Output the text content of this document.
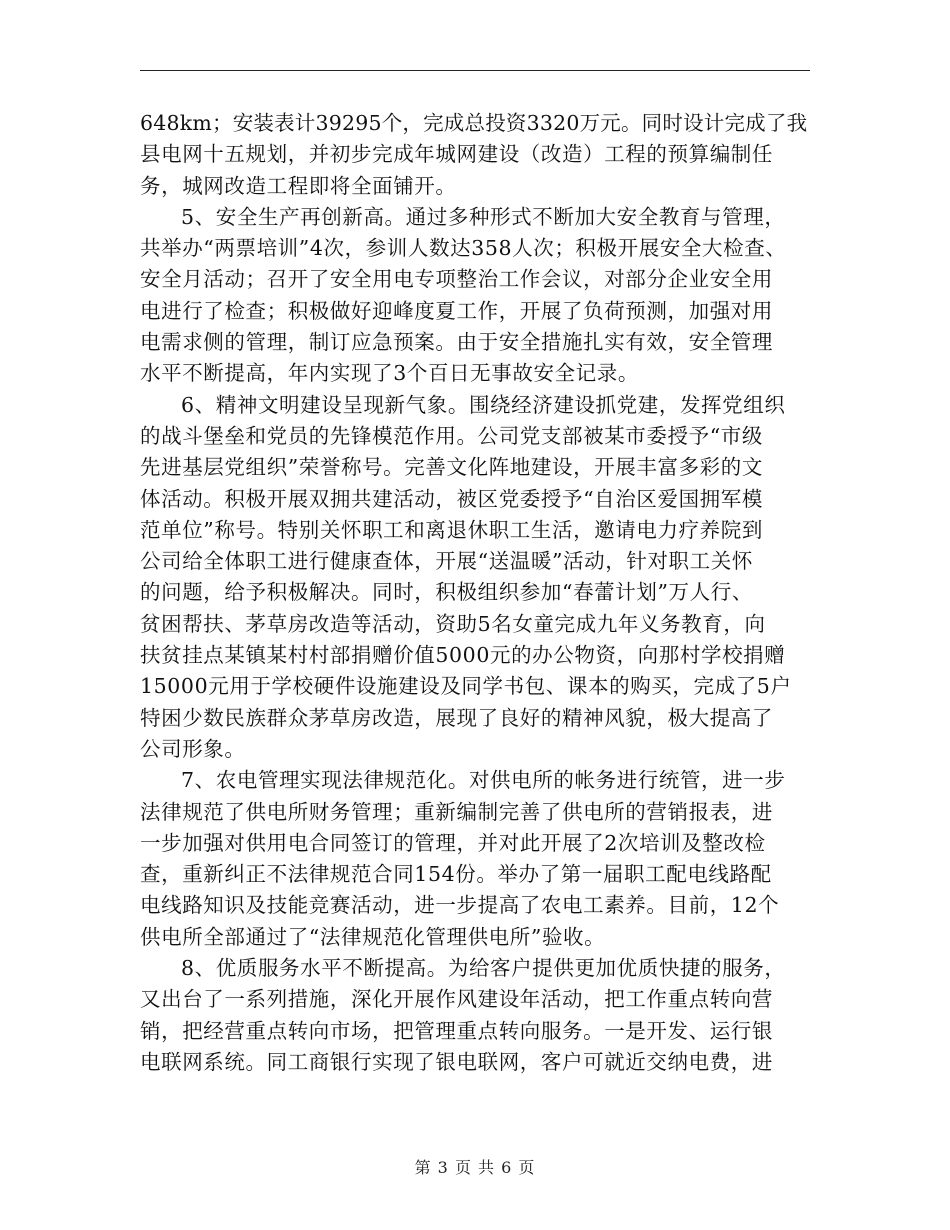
648km；安装表计39295个，完成总投资3320万元。同时设计完成了我
县电网十五规划，并初步完成年城网建设（改造）工程的预算编制任
务，城网改造工程即将全面铺开。
5、安全生产再创新高。通过多种形式不断加大安全教育与管理，
共举办“两票培训”4次，参训人数达358人次；积极开展安全大检查、
安全月活动；召开了安全用电专项整治工作会议，对部分企业安全用
电进行了检查；积极做好迎峰度夏工作，开展了负荷预测，加强对用
电需求侧的管理，制订应急预案。由于安全措施扎实有效，安全管理
水平不断提高，年内实现了3个百日无事故安全记录。
6、精神文明建设呈现新气象。围绕经济建设抓党建，发挥党组织
的战斗堡垒和党员的先锋模范作用。公司党支部被某市委授予“市级
先进基层党组织”荣誉称号。完善文化阵地建设，开展丰富多彩的文
体活动。积极开展双拥共建活动，被区党委授予“自治区爱国拥军模
范单位”称号。特别关怀职工和离退休职工生活，邀请电力疗养院到
公司给全体职工进行健康查体，开展“送温暖”活动，针对职工关怀
的问题，给予积极解决。同时，积极组织参加“春蕾计划”万人行、
贫困帮扶、茅草房改造等活动，资助5名女童完成九年义务教育，向
扶贫挂点某镇某村村部捐赠价值5000元的办公物资，向那村学校捐赠
15000元用于学校硬件设施建设及同学书包、课本的购买，完成了5户
特困少数民族群众茅草房改造，展现了良好的精神风貌，极大提高了
公司形象。
7、农电管理实现法律规范化。对供电所的帐务进行统管，进一步
法律规范了供电所财务管理；重新编制完善了供电所的营销报表，进
一步加强对供用电合同签订的管理，并对此开展了2次培训及整改检
查，重新纠正不法律规范合同154份。举办了第一届职工配电线路配
电线路知识及技能竞赛活动，进一步提高了农电工素养。目前，12个
供电所全部通过了“法律规范化管理供电所”验收。
8、优质服务水平不断提高。为给客户提供更加优质快捷的服务，
又出台了一系列措施，深化开展作风建设年活动，把工作重点转向营
销，把经营重点转向市场，把管理重点转向服务。一是开发、运行银
电联网系统。同工商银行实现了银电联网，客户可就近交纳电费，进
第 3 页 共 6 页
